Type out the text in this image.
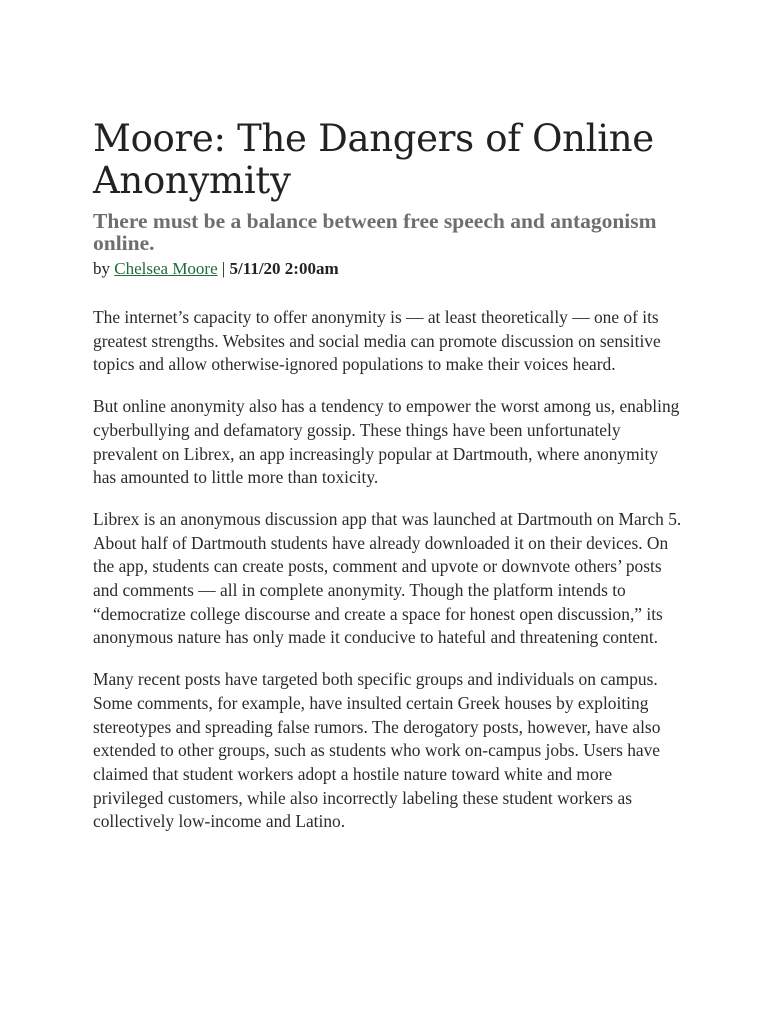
Moore: The Dangers of Online Anonymity
There must be a balance between free speech and antagonism online.
by Chelsea Moore | 5/11/20 2:00am

The internet’s capacity to offer anonymity is — at least theoretically — one of its greatest strengths. Websites and social media can promote discussion on sensitive topics and allow otherwise-ignored populations to make their voices heard.

But online anonymity also has a tendency to empower the worst among us, enabling cyberbullying and defamatory gossip. These things have been unfortunately prevalent on Librex, an app increasingly popular at Dartmouth, where anonymity has amounted to little more than toxicity.

Librex is an anonymous discussion app that was launched at Dartmouth on March 5. About half of Dartmouth students have already downloaded it on their devices. On the app, students can create posts, comment and upvote or downvote others’ posts and comments — all in complete anonymity. Though the platform intends to “democratize college discourse and create a space for honest open discussion,” its anonymous nature has only made it conducive to hateful and threatening content.

Many recent posts have targeted both specific groups and individuals on campus. Some comments, for example, have insulted certain Greek houses by exploiting stereotypes and spreading false rumors. The derogatory posts, however, have also extended to other groups, such as students who work on-campus jobs. Users have claimed that student workers adopt a hostile nature toward white and more privileged customers, while also incorrectly labeling these student workers as collectively low-income and Latino.
